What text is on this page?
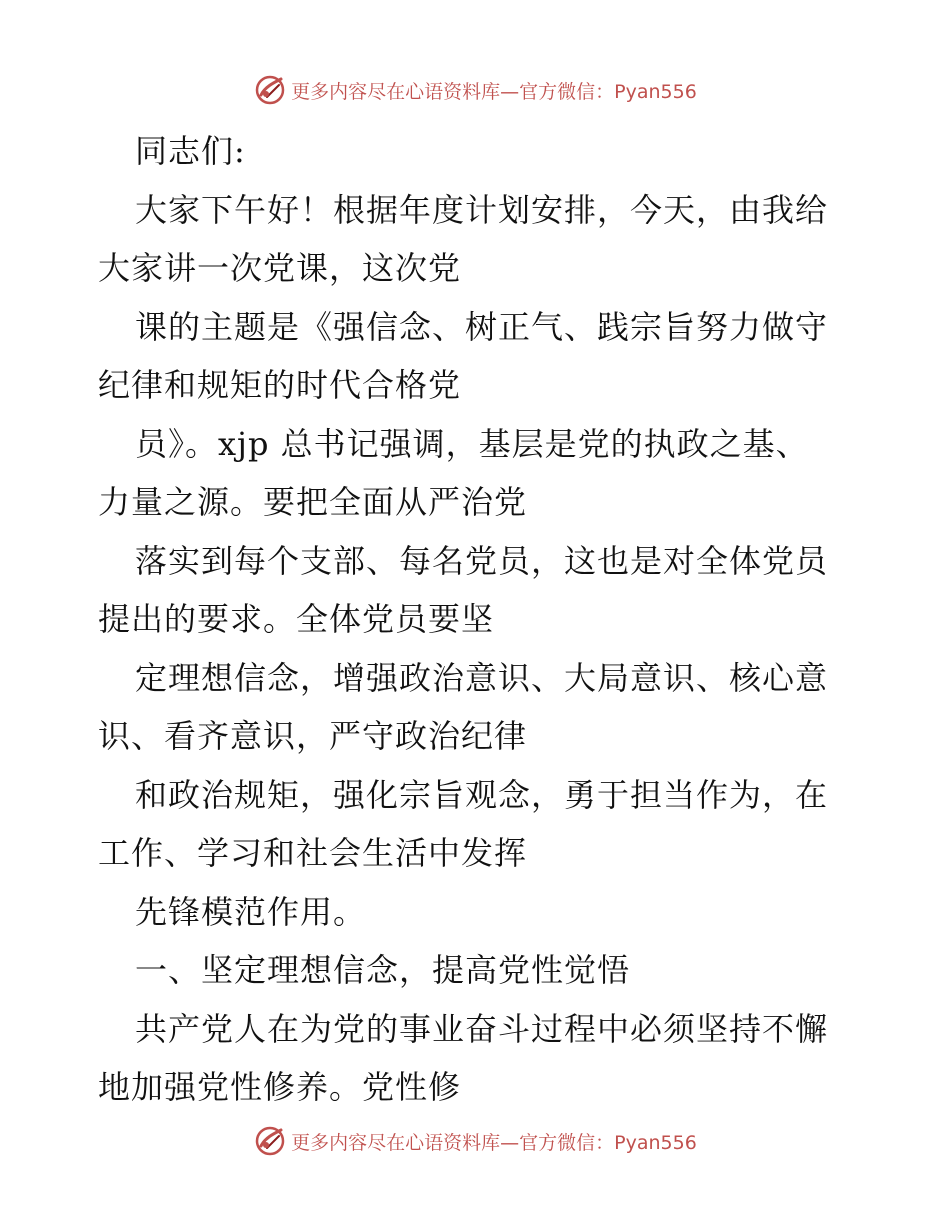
更多内容尽在心语资料库—官方微信：Pyan556
同志们:
大家下午好！根据年度计划安排，今天，由我给
大家讲一次党课，这次党
课的主题是《强信念、树正气、践宗旨努力做守
纪律和规矩的时代合格党
员》。xjp 总书记强调，基层是党的执政之基、
力量之源。要把全面从严治党
落实到每个支部、每名党员，这也是对全体党员
提出的要求。全体党员要坚
定理想信念，增强政治意识、大局意识、核心意
识、看齐意识，严守政治纪律
和政治规矩，强化宗旨观念，勇于担当作为，在
工作、学习和社会生活中发挥
先锋模范作用。
一、坚定理想信念，提高党性觉悟
共产党人在为党的事业奋斗过程中必须坚持不懈
地加强党性修养。党性修
更多内容尽在心语资料库—官方微信：Pyan556
